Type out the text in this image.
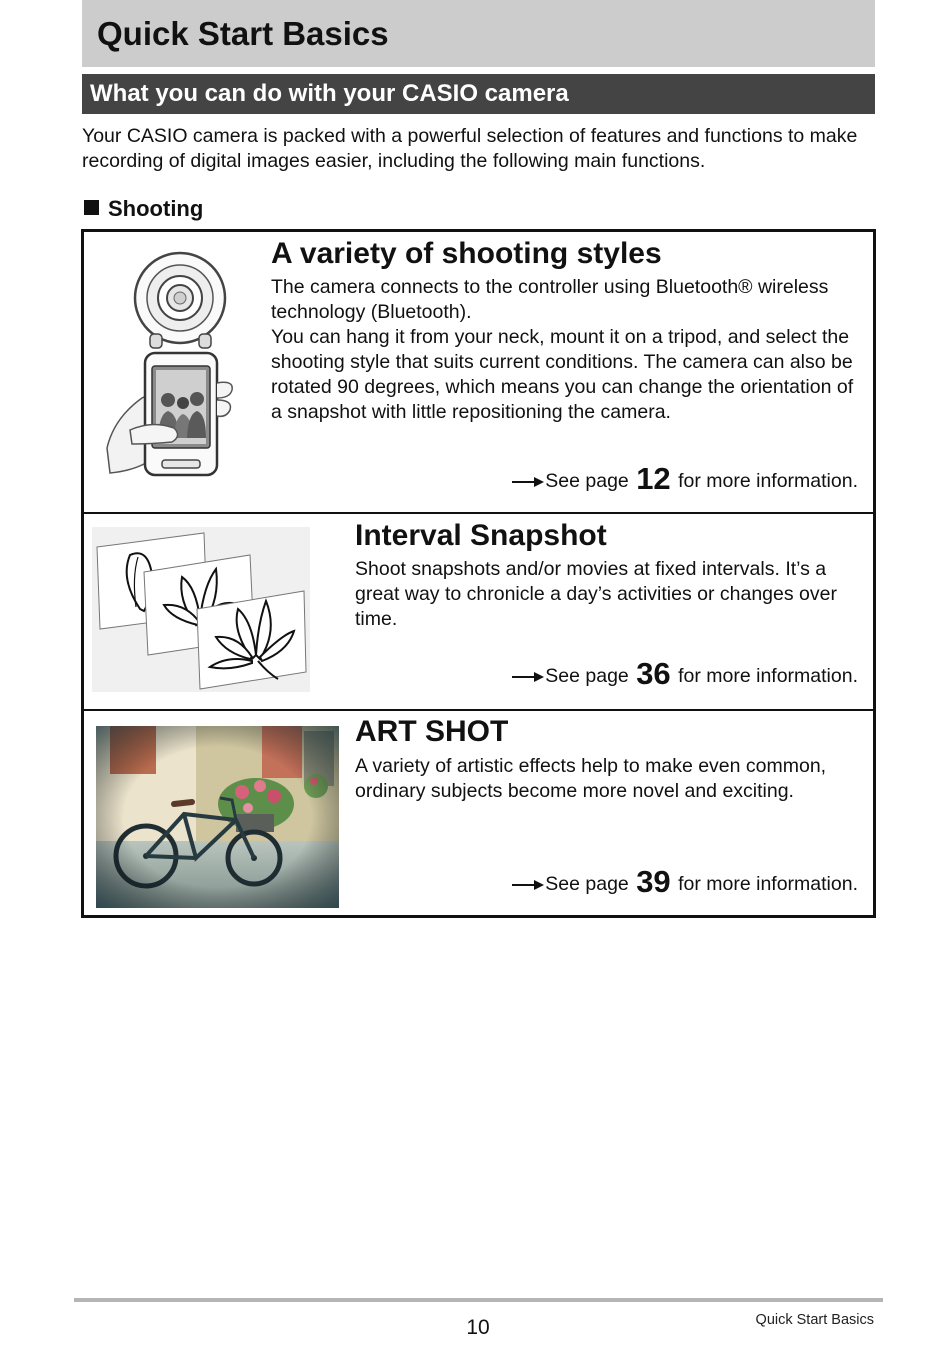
Quick Start Basics
What you can do with your CASIO camera
Your CASIO camera is packed with a powerful selection of features and functions to make recording of digital images easier, including the following main functions.
Shooting
A variety of shooting styles
The camera connects to the controller using Bluetooth® wireless technology (Bluetooth).
You can hang it from your neck, mount it on a tripod, and select the shooting style that suits current conditions. The camera can also be rotated 90 degrees, which means you can change the orientation of a snapshot with little repositioning the camera.
See page 12 for more information.
Interval Snapshot
Shoot snapshots and/or movies at fixed intervals. It’s a great way to chronicle a day’s activities or changes over time.
See page 36 for more information.
ART SHOT
A variety of artistic effects help to make even common, ordinary subjects become more novel and exciting.
See page 39 for more information.
10	Quick Start Basics
